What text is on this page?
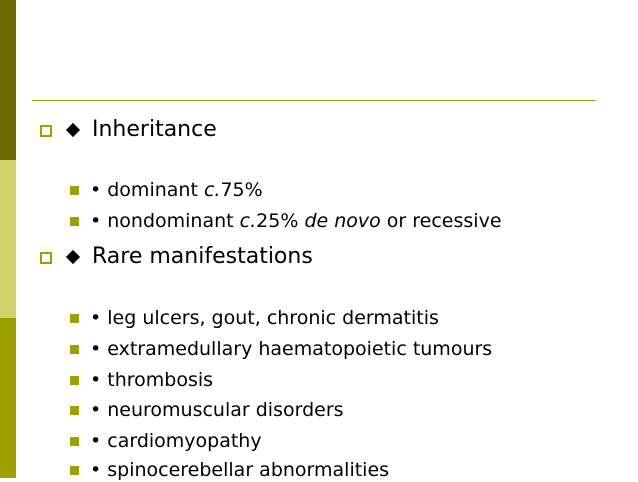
Inheritance
• dominant c.75%
• nondominant c.25% de novo or recessive
Rare manifestations
• leg ulcers, gout, chronic dermatitis
• extramedullary haematopoietic tumours
• thrombosis
• neuromuscular disorders
• cardiomyopathy
• spinocerebellar abnormalities
